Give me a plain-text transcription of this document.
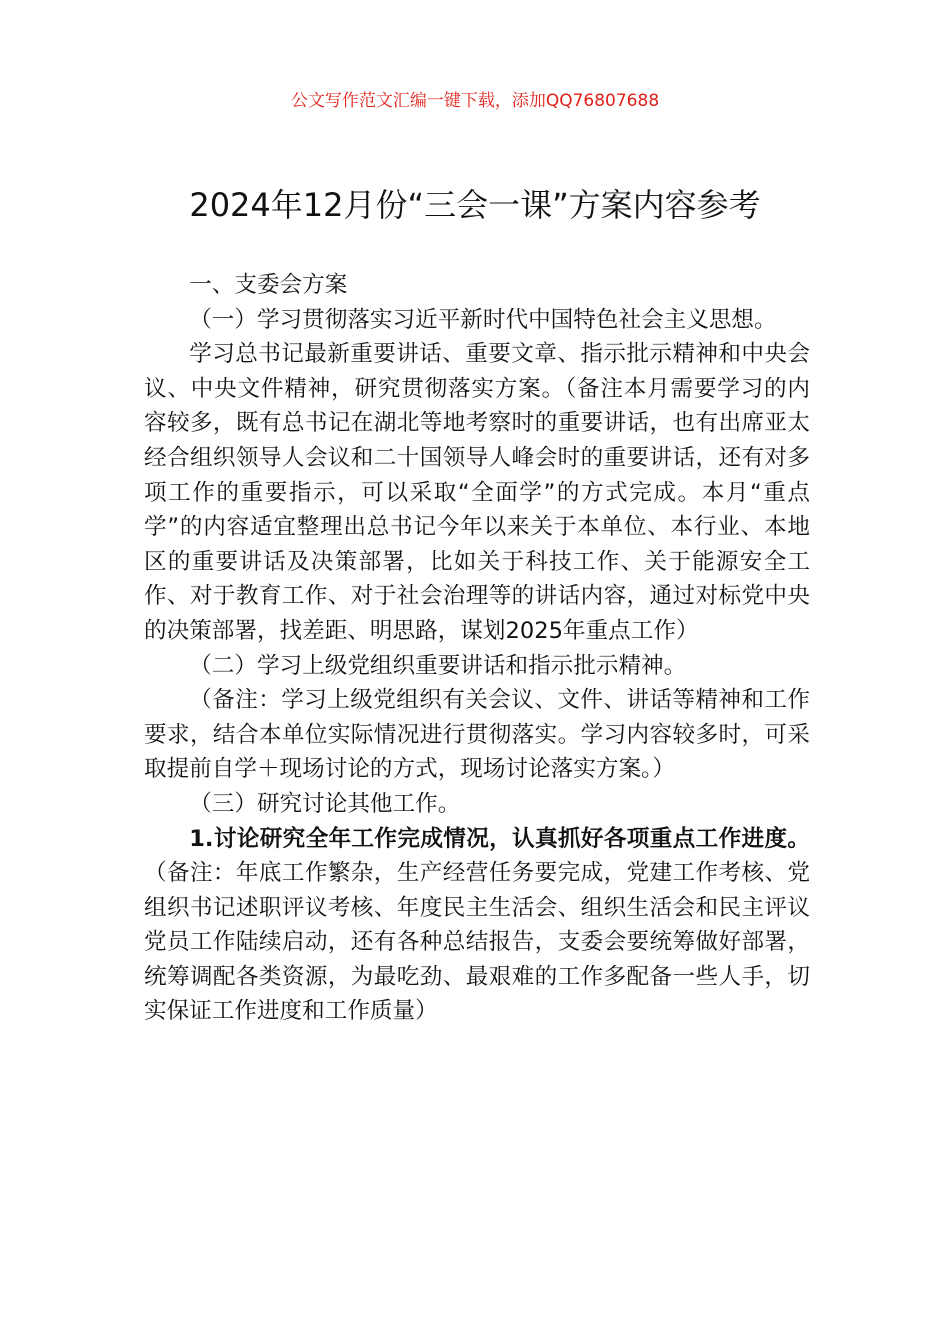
公文写作范文汇编一键下载，添加QQ76807688
2024年12月份“三会一课”方案内容参考

一、支委会方案

（一）学习贯彻落实习近平新时代中国特色社会主义思想。

学习总书记最新重要讲话、重要文章、指示批示精神和中央会议、中央文件精神，研究贯彻落实方案。（备注本月需要学习的内容较多，既有总书记在湖北等地考察时的重要讲话，也有出席亚太经合组织领导人会议和二十国领导人峰会时的重要讲话，还有对多项工作的重要指示，可以采取“全面学”的方式完成。本月“重点学”的内容适宜整理出总书记今年以来关于本单位、本行业、本地区的重要讲话及决策部署，比如关于科技工作、关于能源安全工作、对于教育工作、对于社会治理等的讲话内容，通过对标党中央的决策部署，找差距、明思路，谋划2025年重点工作）

（二）学习上级党组织重要讲话和指示批示精神。

（备注：学习上级党组织有关会议、文件、讲话等精神和工作要求，结合本单位实际情况进行贯彻落实。学习内容较多时，可采取提前自学＋现场讨论的方式，现场讨论落实方案。）

（三）研究讨论其他工作。

1.讨论研究全年工作完成情况，认真抓好各项重点工作进度。（备注：年底工作繁杂，生产经营任务要完成，党建工作考核、党组织书记述职评议考核、年度民主生活会、组织生活会和民主评议党员工作陆续启动，还有各种总结报告，支委会要统筹做好部署，统筹调配各类资源，为最吃劲、最艰难的工作多配备一些人手，切实保证工作进度和工作质量）
